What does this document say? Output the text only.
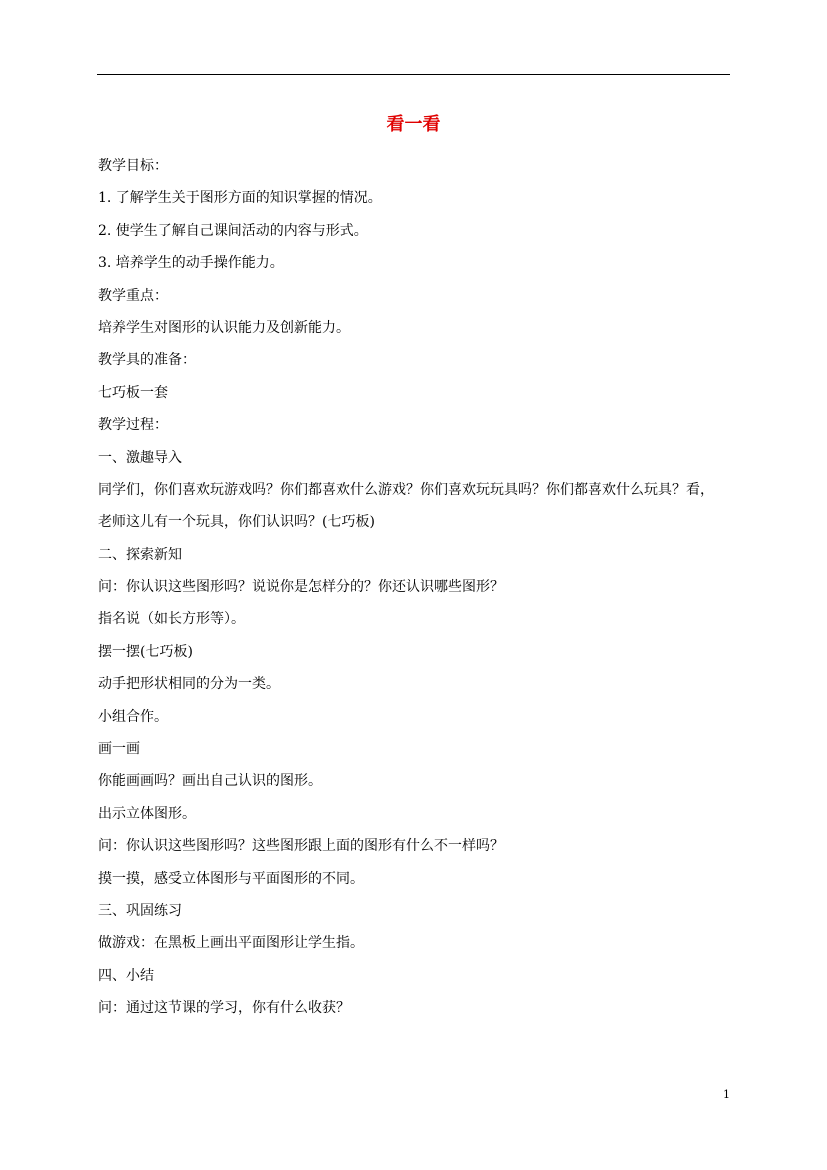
看一看
教学目标：
1. 了解学生关于图形方面的知识掌握的情况。
2. 使学生了解自己课间活动的内容与形式。
3. 培养学生的动手操作能力。
教学重点：
培养学生对图形的认识能力及创新能力。
教学具的准备：
七巧板一套
教学过程：
一、激趣导入
同学们，你们喜欢玩游戏吗？你们都喜欢什么游戏？你们喜欢玩玩具吗？你们都喜欢什么玩具？看，
老师这儿有一个玩具，你们认识吗？(七巧板)
二、探索新知
问：你认识这些图形吗？说说你是怎样分的？你还认识哪些图形？
指名说（如长方形等）。
摆一摆(七巧板)
动手把形状相同的分为一类。
小组合作。
画一画
你能画画吗？画出自己认识的图形。
出示立体图形。
问：你认识这些图形吗？这些图形跟上面的图形有什么不一样吗？
摸一摸，感受立体图形与平面图形的不同。
三、巩固练习
做游戏：在黑板上画出平面图形让学生指。
四、小结
问：通过这节课的学习，你有什么收获？
1
